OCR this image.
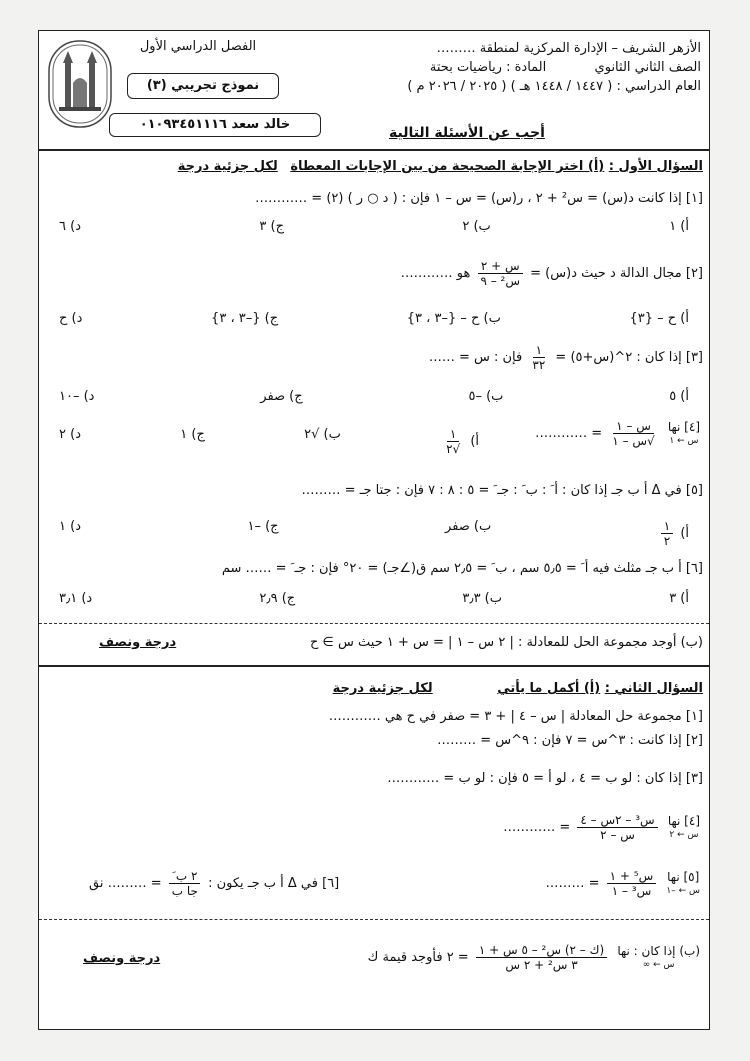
الأزهر الشريف – الإدارة المركزية لمنطقة ………
الصف الثاني الثانوي  المادة : رياضيات بحتة
العام الدراسي : ( ١٤٤٧ / ١٤٤٨ هـ ) ( ٢٠٢٥ / ٢٠٢٦ م )
الفصل الدراسي الأول
نموذج تجريبي (٣)
خالد سعد ٠١٠٩٣٤٥١١١٦
أجب عن الأسئلة التالية
السؤال الأول : (أ) اختر الإجابة الصحيحة من بين الإجابات المعطاة لكل جزئية درجة
[١] إذا كانت د(س) = س² + ٢ ، ر(س) = س – ١ فإن : ( د ○ ر ) (٢) = …………
أ) ١
ب) ٢
ج) ٣
د) ٦
[٢] مجال الدالة د حيث د(س) =
$\frac{\text{س + ٢}}{\text{س² – ٩}}$
هو …………
أ) ح – {٣}
ب) ح – {–٣ ، ٣}
ج) {–٣ ، ٣}
د) ح
[٣] إذا كان : ٢^(س+٥) =
$\frac{١}{٣٢}$
فإن : س = ……
أ) ٥
ب) –٥
ج) صفر
د) –١٠
[٤] نها
س ← ١

$\frac{\text{س – ١}}{\text{√س – ١}}$
= …………
أ)
$\frac{١}{√٢}$
ب) √٢
ج) ١
د) ٢
[٥] في Δ أ ب جـ إذا كان : أ َ : ب َ : جـ َ = ٥ : ٨ : ٧ فإن : جتا جـ = ………
أ)
$\frac{١}{٢}$
ب) صفر
ج) –١
د) ١
[٦] أ ب جـ مثلث فيه أ َ = ٥٫٥ سم ، ب َ = ٢٫٥ سم ق(∠جـ) = ٢٠° فإن : جـ َ = …… سم
أ) ٣
ب) ٣٫٣
ج) ٢٫٩
د) ٣٫١
(ب) أوجد مجموعة الحل للمعادلة : | ٢ س – ١ | = س + ١ حيث س ∋ ح
درجة ونصف
السؤال الثاني : (أ) أكمل ما يأتي لكل جزئية درجة
[١] مجموعة حل المعادلة | س – ٤ | + ٣ = صفر في ح هي …………
[٢] إذا كانت : ٣^س = ٧ فإن : ٩^س = ………
[٣] إذا كان : لو ب = ٤ ، لو أ = ٥ فإن : لو ب = …………
[٤] نها
س ← ٢

$\frac{\text{س³ – ٢س – ٤}}{\text{س – ٢}}$
= …………
[٥] نها
س ← –١

$\frac{\text{س⁵ + ١}}{\text{س³ – ١}}$
= ………
[٦] في Δ أ ب جـ يكون :
$\frac{\text{٢ ب َ}}{\text{جا ب}}$
= ……… نق
(ب) إذا كان : نها
س ← ∞

$\frac{\text{(ك – ٢) س² – ٥ س + ١}}{\text{٣ س² + ٢ س}}$
= ٢ فأوجد قيمة ك
درجة ونصف
